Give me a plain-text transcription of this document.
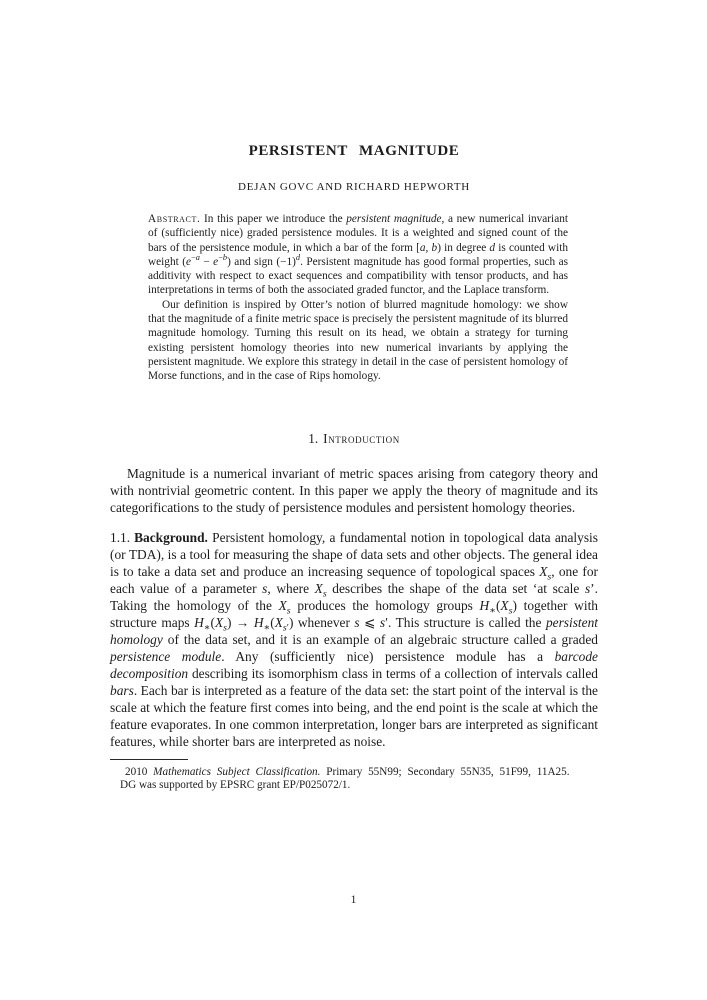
PERSISTENT MAGNITUDE
DEJAN GOVC AND RICHARD HEPWORTH

Abstract. In this paper we introduce the persistent magnitude, a new numerical invariant of (sufficiently nice) graded persistence modules. It is a weighted and signed count of the bars of the persistence module, in which a bar of the form [a, b) in degree d is counted with weight $(e^{-a} - e^{-b})$ and sign $(-1)^d$. Persistent magnitude has good formal properties, such as additivity with respect to exact sequences and compatibility with tensor products, and has interpretations in terms of both the associated graded functor, and the Laplace transform.

Our definition is inspired by Otter’s notion of blurred magnitude homology: we show that the magnitude of a finite metric space is precisely the persistent magnitude of its blurred magnitude homology. Turning this result on its head, we obtain a strategy for turning existing persistent homology theories into new numerical invariants by applying the persistent magnitude. We explore this strategy in detail in the case of persistent homology of Morse functions, and in the case of Rips homology.

1. Introduction

Magnitude is a numerical invariant of metric spaces arising from category theory and with nontrivial geometric content. In this paper we apply the theory of magnitude and its categorifications to the study of persistence modules and persistent homology theories.

1.1. Background. Persistent homology, a fundamental notion in topological data analysis (or TDA), is a tool for measuring the shape of data sets and other objects. The general idea is to take a data set and produce an increasing sequence of topological spaces $X_s$, one for each value of a parameter s, where $X_s$ describes the shape of the data set ‘at scale s’. Taking the homology of the $X_s$ produces the homology groups $H_∗(X_s)$ together with structure maps $H_∗(X_s) \to H_∗(X_{s'})$ whenever s ⩽ s′. This structure is called the persistent homology of the data set, and it is an example of an algebraic structure called a graded persistence module. Any (sufficiently nice) persistence module has a barcode decomposition describing its isomorphism class in terms of a collection of intervals called bars. Each bar is interpreted as a feature of the data set: the start point of the interval is the scale at which the feature first comes into being, and the end point is the scale at which the feature evaporates. In one common interpretation, longer bars are interpreted as significant features, while shorter bars are interpreted as noise.

2010 Mathematics Subject Classification. Primary 55N99; Secondary 55N35, 51F99, 11A25.

DG was supported by EPSRC grant EP/P025072/1.

1
